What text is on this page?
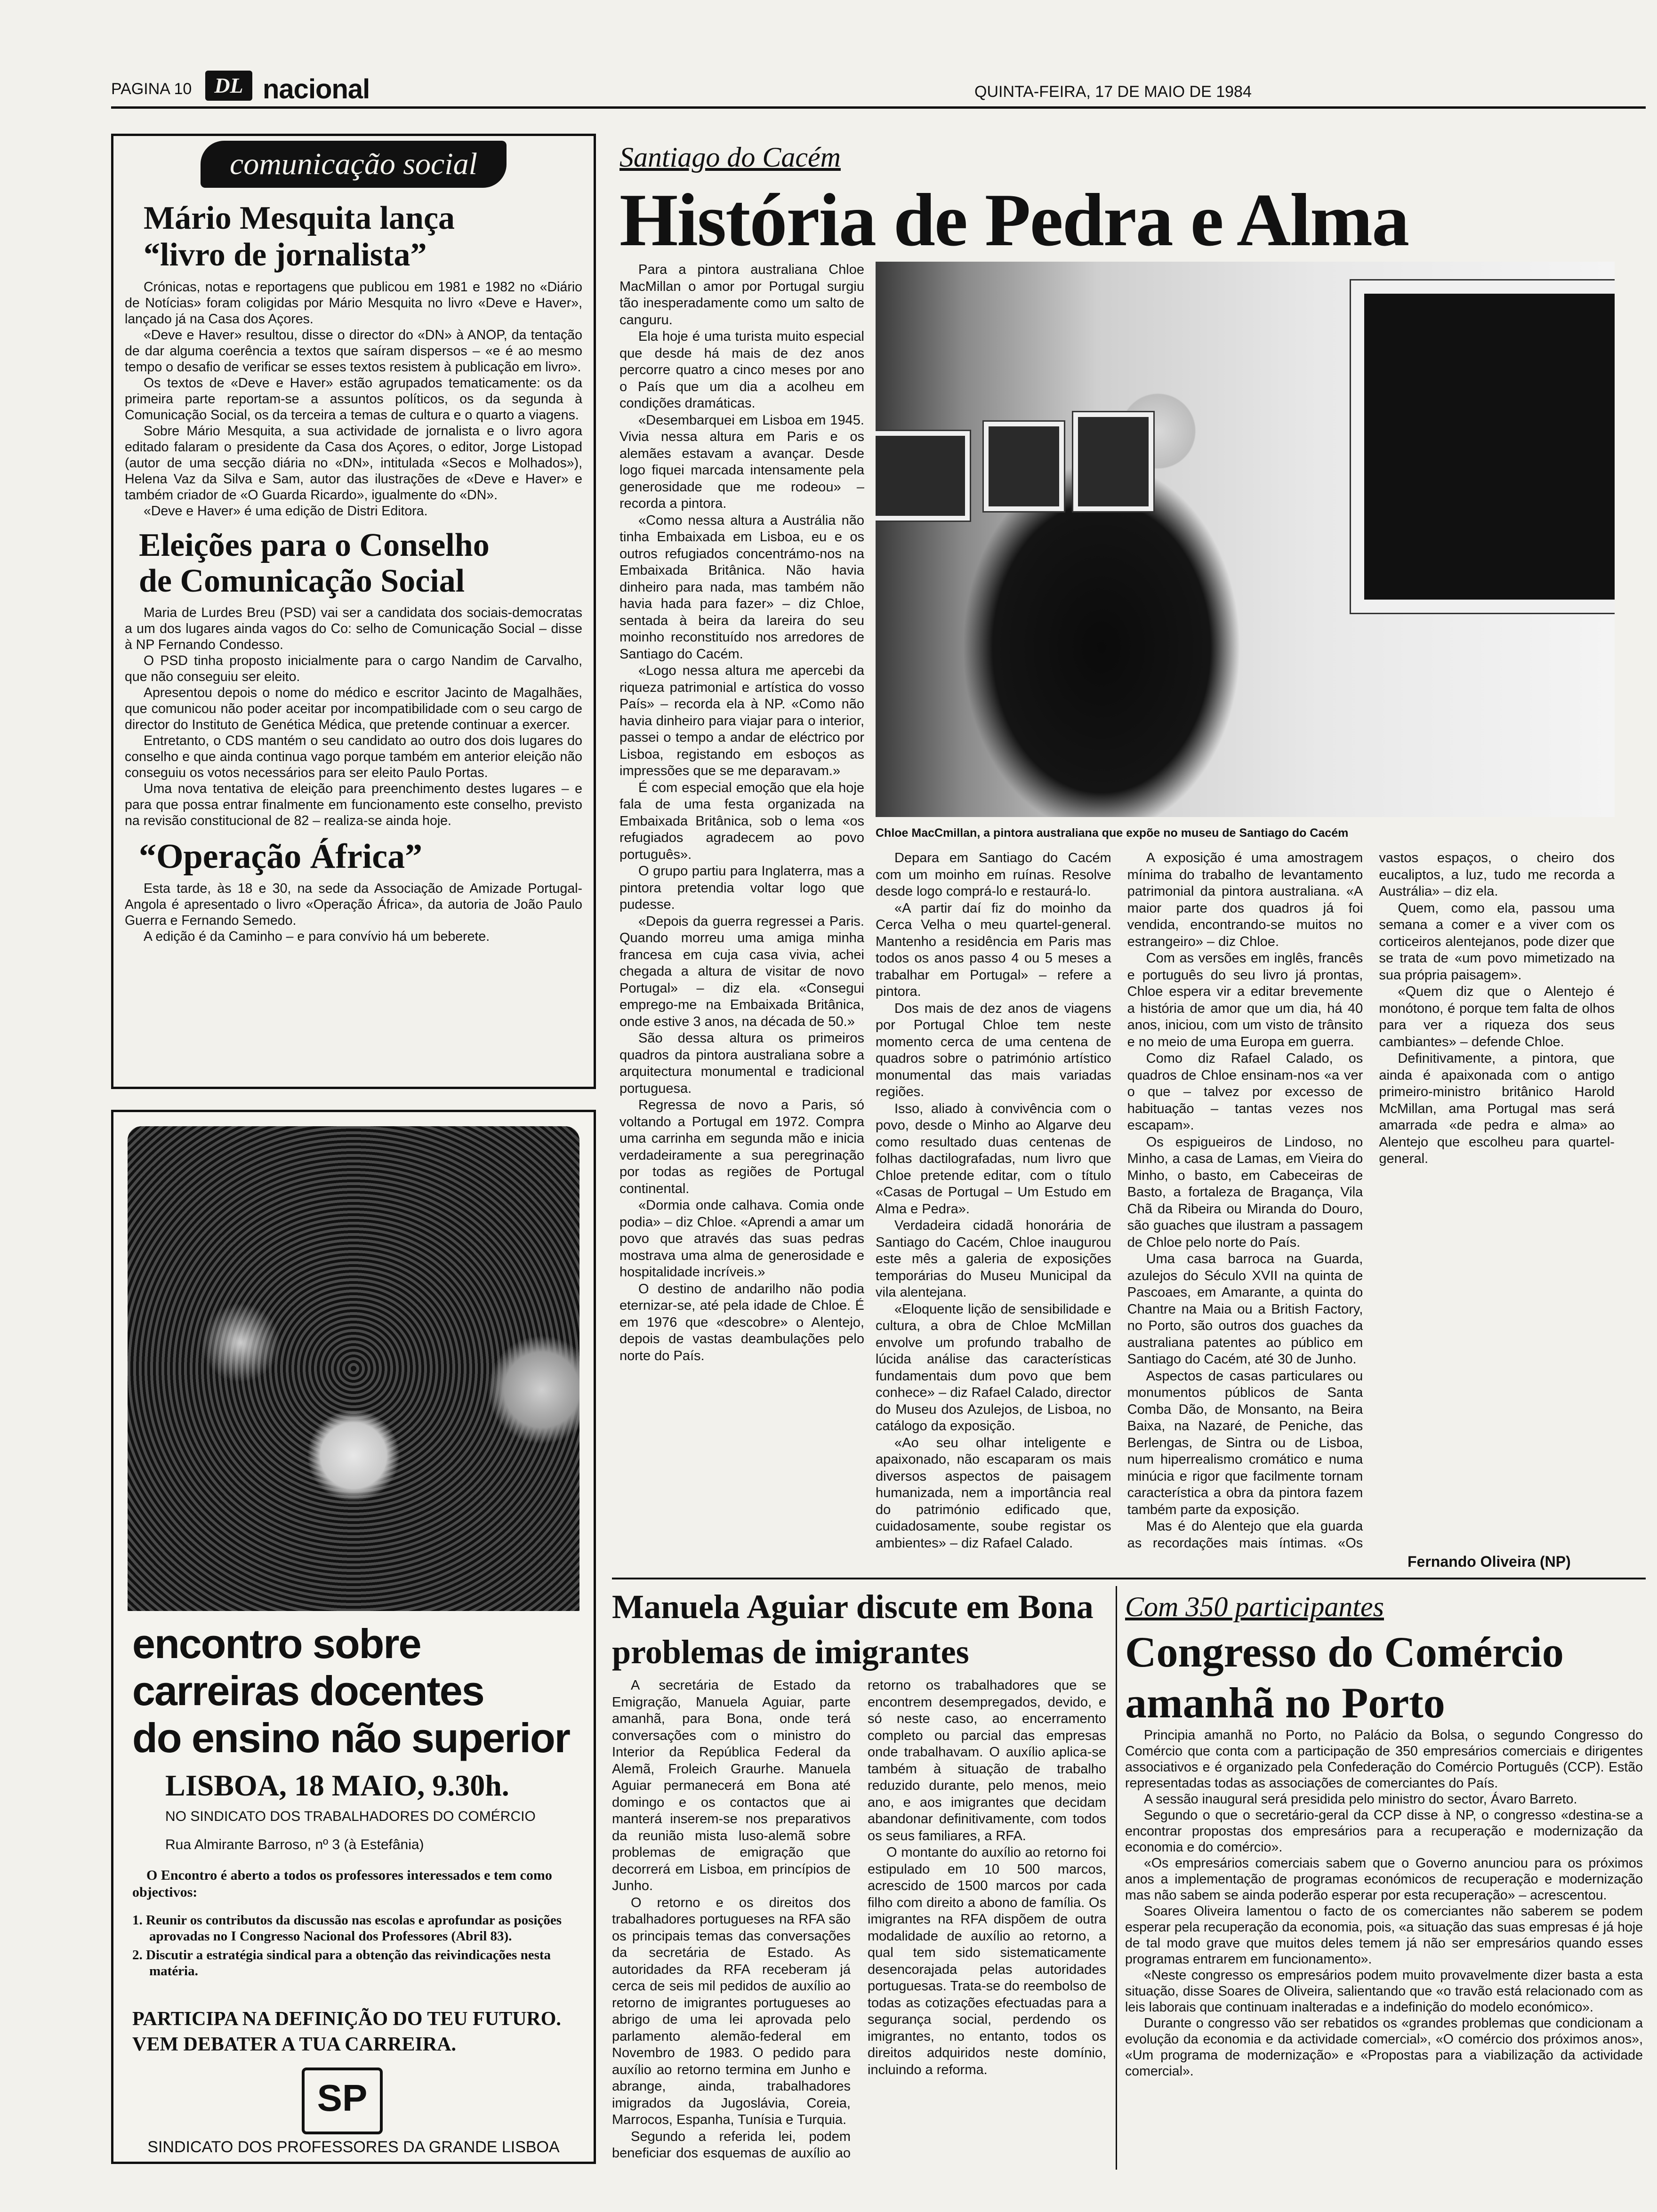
PAGINA 10	DL nacional	QUINTA-FEIRA, 17 DE MAIO DE 1984
comunicação social
Mário Mesquita lança
“livro de jornalista”

Crónicas, notas e reportagens que publicou em 1981 e 1982 no «Diário de Notícias» foram coligidas por Mário Mesquita no livro «Deve e Haver», lançado já na Casa dos Açores.

«Deve e Haver» resultou, disse o director do «DN» à ANOP, da tentação de dar alguma coerência a textos que saíram dispersos – «e é ao mesmo tempo o desafio de verificar se esses textos resistem à publicação em livro».

Os textos de «Deve e Haver» estão agrupados tematicamente: os da primeira parte reportam-se a assuntos políticos, os da segunda à Comunicação Social, os da terceira a temas de cultura e o quarto a viagens.

Sobre Mário Mesquita, a sua actividade de jornalista e o livro agora editado falaram o presidente da Casa dos Açores, o editor, Jorge Listopad (autor de uma secção diária no «DN», intitulada «Secos e Molhados»), Helena Vaz da Silva e Sam, autor das ilustrações de «Deve e Haver» e também criador de «O Guarda Ricardo», igualmente do «DN».

«Deve e Haver» é uma edição de Distri Editora.

Eleições para o Conselho
de Comunicação Social

Maria de Lurdes Breu (PSD) vai ser a candidata dos sociais-democratas a um dos lugares ainda vagos do Co: selho de Comunicação Social – disse à NP Fernando Condesso.

O PSD tinha proposto inicialmente para o cargo Nandim de Carvalho, que não conseguiu ser eleito.

Apresentou depois o nome do médico e escritor Jacinto de Magalhães, que comunicou não poder aceitar por incompatibilidade com o seu cargo de director do Instituto de Genética Médica, que pretende continuar a exercer.

Entretanto, o CDS mantém o seu candidato ao outro dos dois lugares do conselho e que ainda continua vago porque também em anterior eleição não conseguiu os votos necessários para ser eleito Paulo Portas.

Uma nova tentativa de eleição para preenchimento destes lugares – e para que possa entrar finalmente em funcionamento este conselho, previsto na revisão constitucional de 82 – realiza-se ainda hoje.

“Operação África”

Esta tarde, às 18 e 30, na sede da Associação de Amizade Portugal-Angola é apresentado o livro «Operação África», da autoria de João Paulo Guerra e Fernando Semedo.

A edição é da Caminho – e para convívio há um beberete.

encontro sobre
carreiras docentes
do ensino não superior
LISBOA, 18 MAIO, 9.30h.
NO SINDICATO DOS TRABALHADORES DO COMÉRCIO
Rua Almirante Barroso, nº 3 (à Estefânia)
O Encontro é aberto a todos os professores interessados e tem como objectivos:
1. Reunir os contributos da discussão nas escolas e aprofundar as posições aprovadas no I Congresso Nacional dos Professores (Abril 83).
2. Discutir a estratégia sindical para a obtenção das reivindicações nesta matéria.
PARTICIPA NA DEFINIÇÃO DO TEU FUTURO.
VEM DEBATER A TUA CARREIRA.
SP
SINDICATO DOS PROFESSORES DA GRANDE LISBOA
Santiago do Cacém
História de Pedra e Alma

Para a pintora australiana Chloe MacMillan o amor por Portugal surgiu tão inesperadamente como um salto de canguru.

Ela hoje é uma turista muito especial que desde há mais de dez anos percorre quatro a cinco meses por ano o País que um dia a acolheu em condições dramáticas.

«Desembarquei em Lisboa em 1945. Vivia nessa altura em Paris e os alemães estavam a avançar. Desde logo fiquei marcada intensamente pela generosidade que me rodeou» – recorda a pintora.

«Como nessa altura a Austrália não tinha Embaixada em Lisboa, eu e os outros refugiados concentrámo-nos na Embaixada Britânica. Não havia dinheiro para nada, mas também não havia hada para fazer» – diz Chloe, sentada à beira da lareira do seu moinho reconstituído nos arredores de Santiago do Cacém.

«Logo nessa altura me apercebi da riqueza patrimonial e artística do vosso País» – recorda ela à NP. «Como não havia dinheiro para viajar para o interior, passei o tempo a andar de eléctrico por Lisboa, registando em esboços as impressões que se me deparavam.»

É com especial emoção que ela hoje fala de uma festa organizada na Embaixada Britânica, sob o lema «os refugiados agradecem ao povo português».

O grupo partiu para Inglaterra, mas a pintora pretendia voltar logo que pudesse.

«Depois da guerra regressei a Paris. Quando morreu uma amiga minha francesa em cuja casa vivia, achei chegada a altura de visitar de novo Portugal» – diz ela. «Consegui emprego-me na Embaixada Britânica, onde estive 3 anos, na década de 50.»

São dessa altura os primeiros quadros da pintora australiana sobre a arquitectura monumental e tradicional portuguesa.

Regressa de novo a Paris, só voltando a Portugal em 1972. Compra uma carrinha em segunda mão e inicia verdadeiramente a sua peregrinação por todas as regiões de Portugal continental.

«Dormia onde calhava. Comia onde podia» – diz Chloe. «Aprendi a amar um povo que através das suas pedras mostrava uma alma de generosidade e hospitalidade incríveis.»

O destino de andarilho não podia eternizar-se, até pela idade de Chloe. É em 1976 que «descobre» o Alentejo, depois de vastas deambulações pelo norte do País.

Chloe MacCmillan, a pintora australiana que expõe no museu de Santiago do Cacém

Depara em Santiago do Cacém com um moinho em ruínas. Resolve desde logo comprá-lo e restaurá-lo.

«A partir daí fiz do moinho da Cerca Velha o meu quartel-general. Mantenho a residência em Paris mas todos os anos passo 4 ou 5 meses a trabalhar em Portugal» – refere a pintora.

Dos mais de dez anos de viagens por Portugal Chloe tem neste momento cerca de uma centena de quadros sobre o património artístico monumental das mais variadas regiões.

Isso, aliado à convivência com o povo, desde o Minho ao Algarve deu como resultado duas centenas de folhas dactilografadas, num livro que Chloe pretende editar, com o título «Casas de Portugal – Um Estudo em Alma e Pedra».

Verdadeira cidadã honorária de Santiago do Cacém, Chloe inaugurou este mês a galeria de exposições temporárias do Museu Municipal da vila alentejana.

«Eloquente lição de sensibilidade e cultura, a obra de Chloe McMillan envolve um profundo trabalho de lúcida análise das características fundamentais dum povo que bem conhece» – diz Rafael Calado, director do Museu dos Azulejos, de Lisboa, no catálogo da exposição.

«Ao seu olhar inteligente e apaixonado, não escaparam os mais diversos aspectos de paisagem humanizada, nem a importância real do património edificado que, cuidadosamente, soube registar os ambientes» – diz Rafael Calado.

A exposição é uma amostragem mínima do trabalho de levantamento patrimonial da pintora australiana. «A maior parte dos quadros já foi vendida, encontrando-se muitos no estrangeiro» – diz Chloe.

Com as versões em inglês, francês e português do seu livro já prontas, Chloe espera vir a editar brevemente a história de amor que um dia, há 40 anos, iniciou, com um visto de trânsito e no meio de uma Europa em guerra.

Como diz Rafael Calado, os quadros de Chloe ensinam-nos «a ver o que – talvez por excesso de habituação – tantas vezes nos escapam».

Os espigueiros de Lindoso, no Minho, a casa de Lamas, em Vieira do Minho, o basto, em Cabeceiras de Basto, a fortaleza de Bragança, Vila Chã da Ribeira ou Miranda do Douro, são guaches que ilustram a passagem de Chloe pelo norte do País.

Uma casa barroca na Guarda, azulejos do Século XVII na quinta de Pascoaes, em Amarante, a quinta do Chantre na Maia ou a British Factory, no Porto, são outros dos guaches da australiana patentes ao público em Santiago do Cacém, até 30 de Junho.

Aspectos de casas particulares ou monumentos públicos de Santa Comba Dão, de Monsanto, na Beira Baixa, na Nazaré, de Peniche, das Berlengas, de Sintra ou de Lisboa, num hiperrealismo cromático e numa minúcia e rigor que facilmente tornam característica a obra da pintora fazem também parte da exposição.

Mas é do Alentejo que ela guarda as recordações mais íntimas. «Os vastos espaços, o cheiro dos eucaliptos, a luz, tudo me recorda a Austrália» – diz ela.

Quem, como ela, passou uma semana a comer e a viver com os corticeiros alentejanos, pode dizer que se trata de «um povo mimetizado na sua própria paisagem».

«Quem diz que o Alentejo é monótono, é porque tem falta de olhos para ver a riqueza dos seus cambiantes» – defende Chloe.

Definitivamente, a pintora, que ainda é apaixonada com o antigo primeiro-ministro britânico Harold McMillan, ama Portugal mas será amarrada «de pedra e alma» ao Alentejo que escolheu para quartel-general.

Fernando Oliveira (NP)
Manuela Aguiar discute em Bona
problemas de imigrantes

A secretária de Estado da Emigração, Manuela Aguiar, parte amanhã, para Bona, onde terá conversações com o ministro do Interior da República Federal da Alemã, Froleich Graurhe. Manuela Aguiar permanecerá em Bona até domingo e os contactos que ai manterá inserem-se nos preparativos da reunião mista luso-alemã sobre problemas de emigração que decorrerá em Lisboa, em princípios de Junho.

O retorno e os direitos dos trabalhadores portugueses na RFA são os principais temas das conversações da secretária de Estado. As autoridades da RFA receberam já cerca de seis mil pedidos de auxílio ao retorno de imigrantes portugueses ao abrigo de uma lei aprovada pelo parlamento alemão-federal em Novembro de 1983. O pedido para auxílio ao retorno termina em Junho e abrange, ainda, trabalhadores imigrados da Jugoslávia, Coreia, Marrocos, Espanha, Tunísia e Turquia.

Segundo a referida lei, podem beneficiar dos esquemas de auxílio ao retorno os trabalhadores que se encontrem desempregados, devido, e só neste caso, ao encerramento completo ou parcial das empresas onde trabalhavam. O auxílio aplica-se também à situação de trabalho reduzido durante, pelo menos, meio ano, e aos imigrantes que decidam abandonar definitivamente, com todos os seus familiares, a RFA.

O montante do auxílio ao retorno foi estipulado em 10 500 marcos, acrescido de 1500 marcos por cada filho com direito a abono de família. Os imigrantes na RFA dispõem de outra modalidade de auxílio ao retorno, a qual tem sido sistematicamente desencorajada pelas autoridades portuguesas. Trata-se do reembolso de todas as cotizações efectuadas para a segurança social, perdendo os imigrantes, no entanto, todos os direitos adquiridos neste domínio, incluindo a reforma.

Com 350 participantes
Congresso do Comércio
amanhã no Porto

Principia amanhã no Porto, no Palácio da Bolsa, o segundo Congresso do Comércio que conta com a participação de 350 empresários comerciais e dirigentes associativos e é organizado pela Confederação do Comércio Português (CCP). Estão representadas todas as associações de comerciantes do País.

A sessão inaugural será presidida pelo ministro do sector, Ávaro Barreto.

Segundo o que o secretário-geral da CCP disse à NP, o congresso «destina-se a encontrar propostas dos empresários para a recuperação e modernização da economia e do comércio».

«Os empresários comerciais sabem que o Governo anunciou para os próximos anos a implementação de programas económicos de recuperação e modernização mas não sabem se ainda poderão esperar por esta recuperação» – acrescentou.

Soares Oliveira lamentou o facto de os comerciantes não saberem se podem esperar pela recuperação da economia, pois, «a situação das suas empresas é já hoje de tal modo grave que muitos deles temem já não ser empresários quando esses programas entrarem em funcionamento».

«Neste congresso os empresários podem muito provavelmente dizer basta a esta situação, disse Soares de Oliveira, salientando que «o travão está relacionado com as leis laborais que continuam inalteradas e a indefinição do modelo económico».

Durante o congresso vão ser rebatidos os «grandes problemas que condicionam a evolução da economia e da actividade comercial», «O comércio dos próximos anos», «Um programa de modernização» e «Propostas para a viabilização da actividade comercial».
